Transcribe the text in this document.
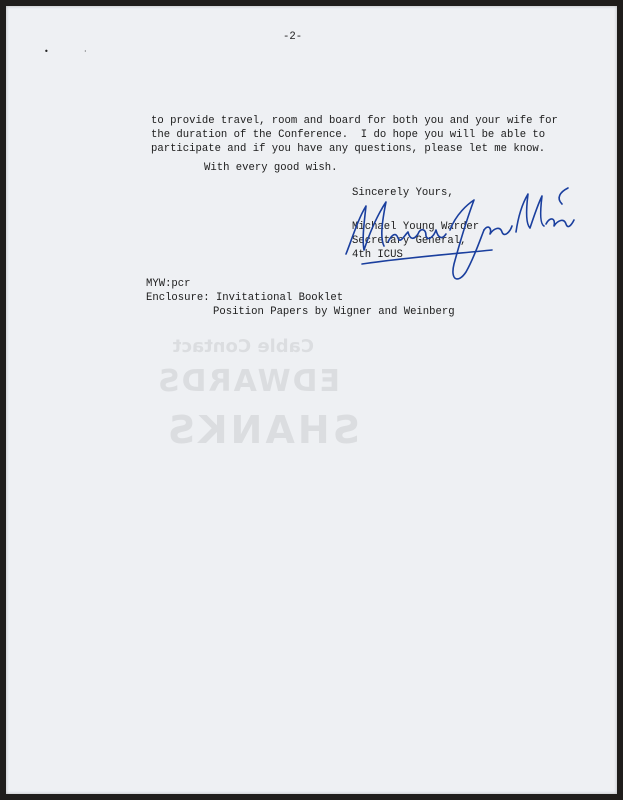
-2-
•	·
Cable Contact
EDWARDS
SHANKS
to provide travel, room and board for both you and your wife for
the duration of the Conference.  I do hope you will be able to
participate and if you have any questions, please let me know.
With every good wish.
Sincerely Yours,
Michael Young Warder
Secretary General,
4th ICUS
Michael Young Warder
MYW:pcr
Enclosure: Invitational Booklet
Position Papers by Wigner and Weinberg
